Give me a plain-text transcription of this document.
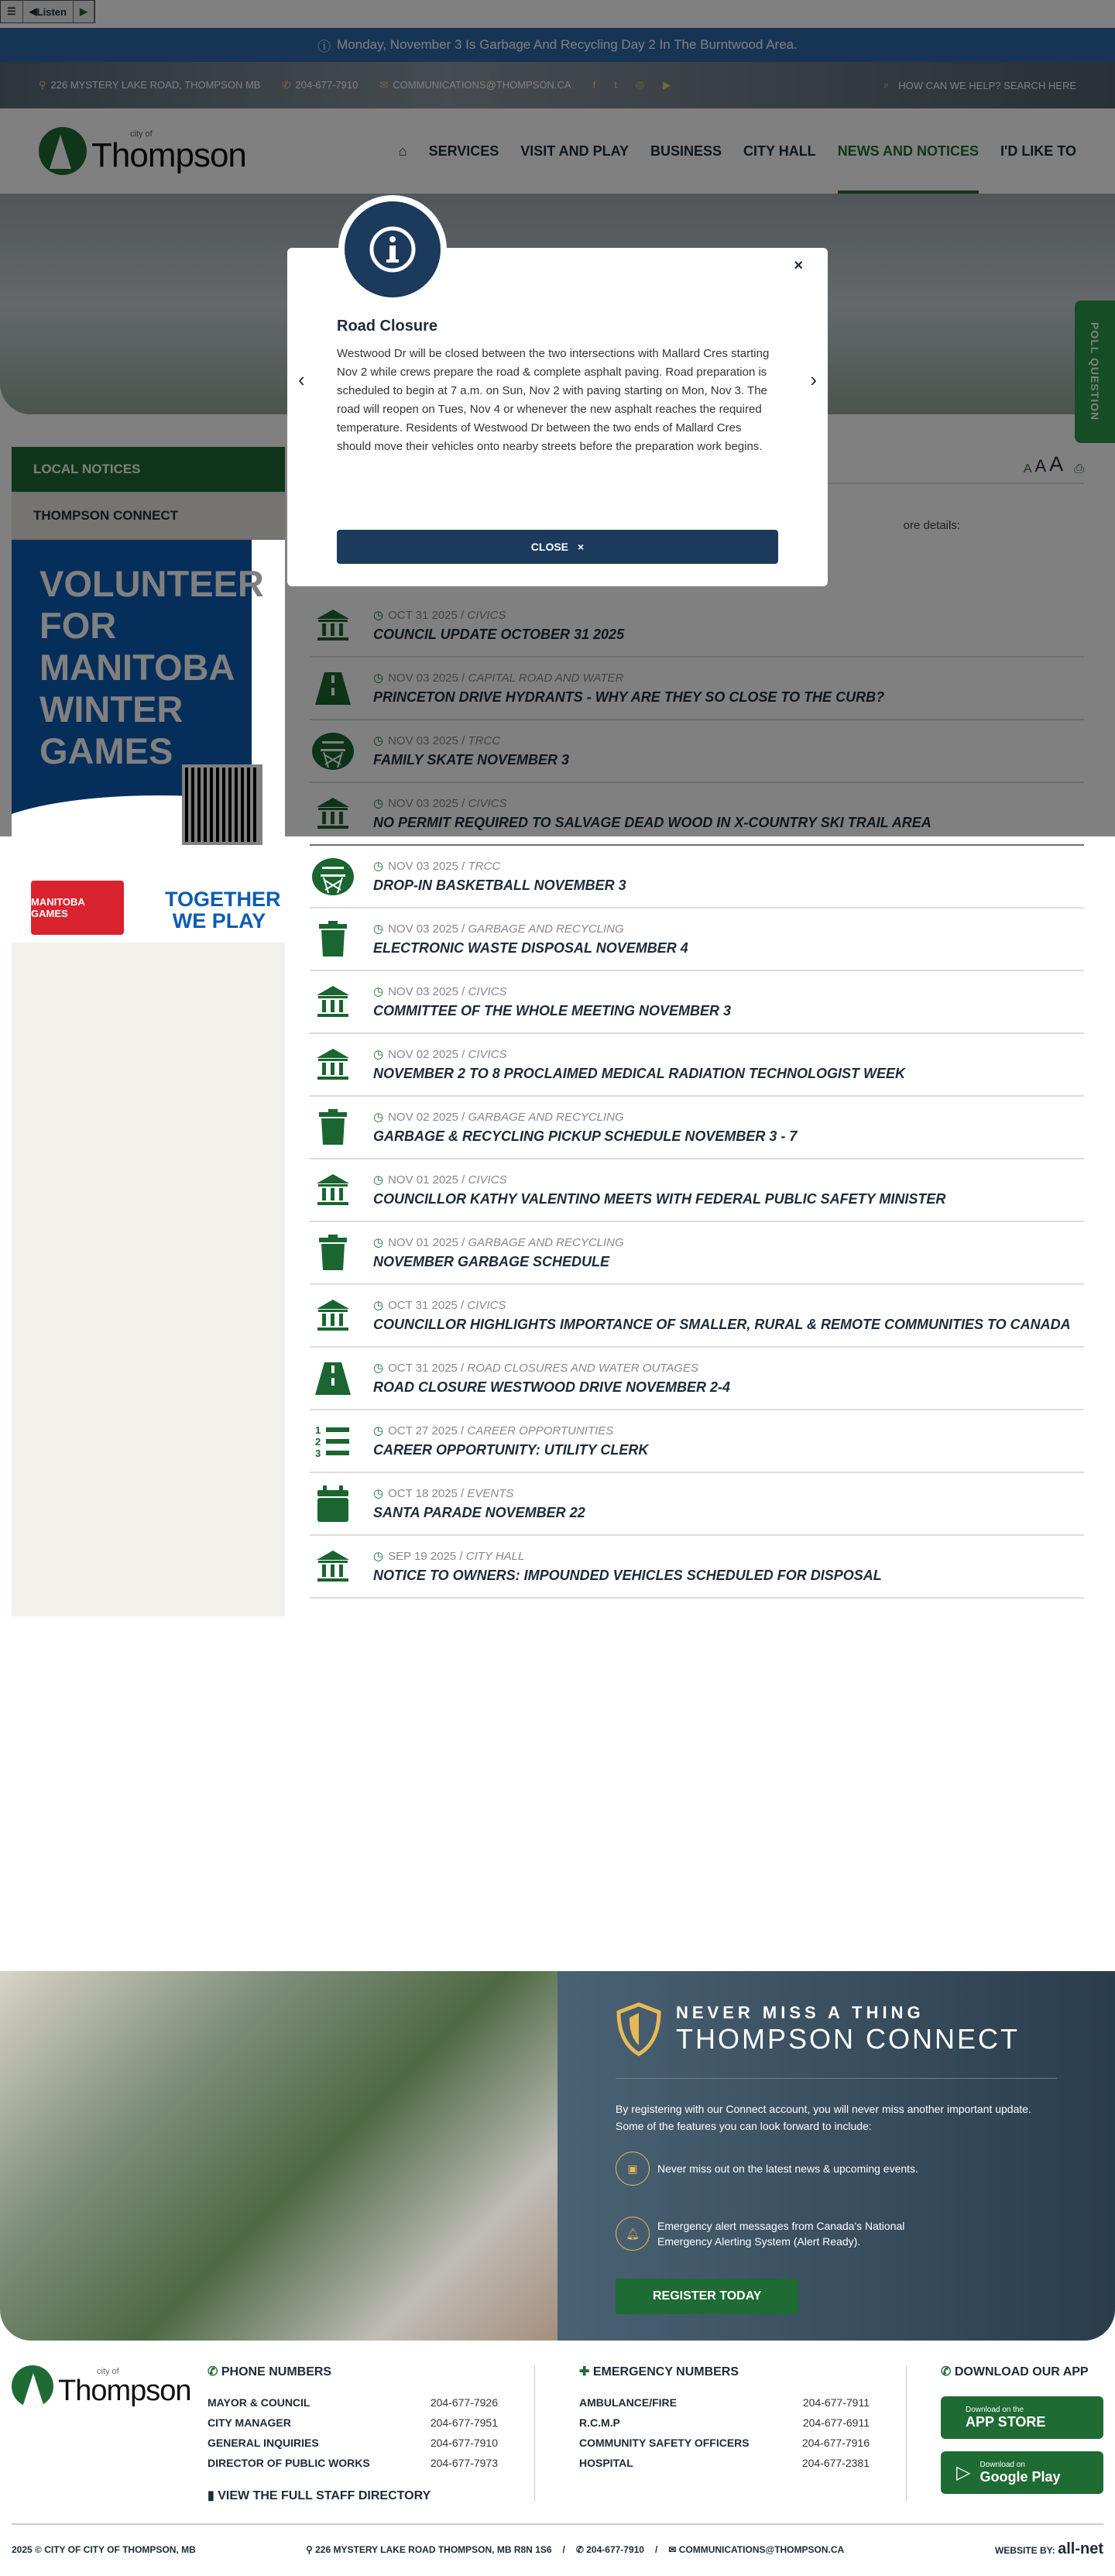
☰	◀ Listen	▶
ⓘ Monday, November 3 Is Garbage And Recycling Day 2 In The Burntwood Area.
⚲ 226 MYSTERY LAKE ROAD, THOMPSON MB ✆ 204-677-7910 ✉ COMMUNICATIONS@THOMPSON.CA f t ◎ ▶	⌕ HOW CAN WE HELP? SEARCH HERE
city of
Thompson	⌂ SERVICES VISIT AND PLAY BUSINESS CITY HALL NEWS AND NOTICES I'D LIKE TO
POLL QUESTION
LOCAL NOTICES
THOMPSON CONNECT
VOLUNTEER FOR MANITOBA WINTER GAMES
MANITOBA GAMES
TOGETHER WE PLAY
A A A ⎙
ore details:
◷ OCT 31 2025 / CIVICS
COUNCIL UPDATE OCTOBER 31 2025
◷ NOV 03 2025 / CAPITAL ROAD AND WATER
PRINCETON DRIVE HYDRANTS - WHY ARE THEY SO CLOSE TO THE CURB?
◷ NOV 03 2025 / TRCC
FAMILY SKATE NOVEMBER 3
◷ NOV 03 2025 / CIVICS
NO PERMIT REQUIRED TO SALVAGE DEAD WOOD IN X-COUNTRY SKI TRAIL AREA
◷ NOV 03 2025 / TRCC
DROP-IN BASKETBALL NOVEMBER 3
◷ NOV 03 2025 / GARBAGE AND RECYCLING
ELECTRONIC WASTE DISPOSAL NOVEMBER 4
◷ NOV 03 2025 / CIVICS
COMMITTEE OF THE WHOLE MEETING NOVEMBER 3
◷ NOV 02 2025 / CIVICS
NOVEMBER 2 TO 8 PROCLAIMED MEDICAL RADIATION TECHNOLOGIST WEEK
◷ NOV 02 2025 / GARBAGE AND RECYCLING
GARBAGE & RECYCLING PICKUP SCHEDULE NOVEMBER 3 - 7
◷ NOV 01 2025 / CIVICS
COUNCILLOR KATHY VALENTINO MEETS WITH FEDERAL PUBLIC SAFETY MINISTER
◷ NOV 01 2025 / GARBAGE AND RECYCLING
NOVEMBER GARBAGE SCHEDULE
◷ OCT 31 2025 / CIVICS
COUNCILLOR HIGHLIGHTS IMPORTANCE OF SMALLER, RURAL & REMOTE COMMUNITIES TO CANADA
◷ OCT 31 2025 / ROAD CLOSURES AND WATER OUTAGES
ROAD CLOSURE WESTWOOD DRIVE NOVEMBER 2-4
1
2
3
◷ OCT 27 2025 / CAREER OPPORTUNITIES
CAREER OPPORTUNITY: UTILITY CLERK
◷ OCT 18 2025 / EVENTS
SANTA PARADE NOVEMBER 22
◷ SEP 19 2025 / CITY HALL
NOTICE TO OWNERS: IMPOUNDED VEHICLES SCHEDULED FOR DISPOSAL
NEVER MISS A THING
THOMPSON CONNECT
By registering with our Connect account, you will never miss another important update. Some of the features you can look forward to include:
▣	Never miss out on the latest news & upcoming events.
🔔︎
Emergency alert messages from Canada's National Emergency Alerting System (Alert Ready).
REGISTER TODAY
city of
Thompson
✆ PHONE NUMBERS
MAYOR & COUNCIL	204-677-7926
CITY MANAGER	204-677-7951
GENERAL INQUIRIES	204-677-7910
DIRECTOR OF PUBLIC WORKS	204-677-7973
▮ VIEW THE FULL STAFF DIRECTORY
✚ EMERGENCY NUMBERS
AMBULANCE/FIRE	204-677-7911
R.C.M.P	204-677-6911
COMMUNITY SAFETY OFFICERS	204-677-7916
HOSPITAL	204-677-2381
✆ DOWNLOAD OUR APP
Download on the
APP STORE
▷ Download on
Google Play
2025 © CITY OF CITY OF THOMPSON, MB	⚲ 226 MYSTERY LAKE ROAD THOMPSON, MB R8N 1S6 / ✆ 204-677-7910 / ✉ COMMUNICATIONS@THOMPSON.CA	WEBSITE BY: all-net
×
‹	›
Road Closure

Westwood Dr will be closed between the two intersections with Mallard Cres starting Nov 2 while crews prepare the road & complete asphalt paving. Road preparation is scheduled to begin at 7 a.m. on Sun, Nov 2 with paving starting on Mon, Nov 3. The road will reopen on Tues, Nov 4 or whenever the new asphalt reaches the required temperature. Residents of Westwood Dr between the two ends of Mallard Cres should move their vehicles onto nearby streets before the preparation work begins.

CLOSE ×
